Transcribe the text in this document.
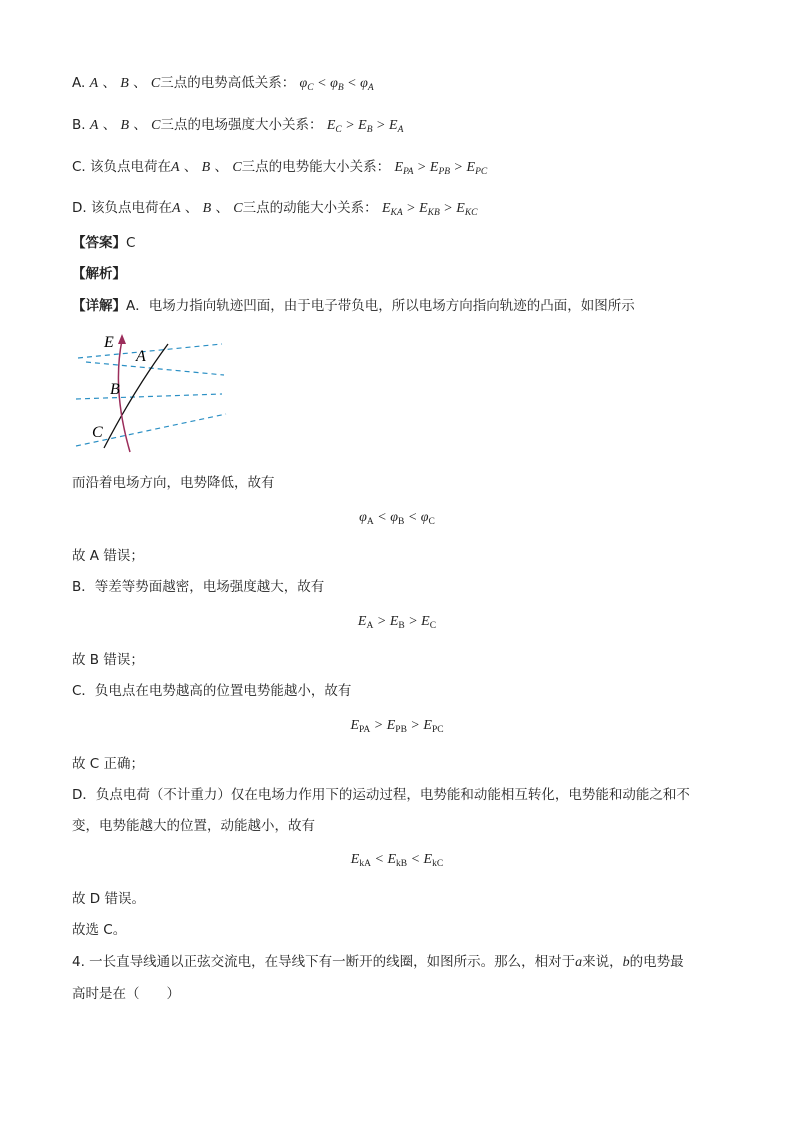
A. A 、 B 、 C三点的电势高低关系： $\varphi_C < \varphi_B < \varphi_A$
B. A 、 B 、 C三点的电场强度大小关系： $E_C > E_B > E_A$
C. 该负点电荷在A 、 B 、 C三点的电势能大小关系： $E_{PA} > E_{PB} > E_{PC}$
D. 该负点电荷在A 、 B 、 C三点的动能大小关系： $E_{KA} > E_{KB} > E_{KC}$
【答案】C
【解析】
【详解】A．电场力指向轨迹凹面，由于电子带负电，所以电场方向指向轨迹的凸面，如图所示
E
A
B
C
而沿着电场方向，电势降低，故有
$\varphi_A < \varphi_B < \varphi_C$
故 A 错误；
B．等差等势面越密，电场强度越大，故有
$E_A > E_B > E_C$
故 B 错误；
C．负电点在电势越高的位置电势能越小，故有
$E_{PA} > E_{PB} > E_{PC}$
故 C 正确；
D．负点电荷（不计重力）仅在电场力作用下的运动过程，电势能和动能相互转化，电势能和动能之和不
变，电势能越大的位置，动能越小，故有
$E_{kA} < E_{kB} < E_{kC}$
故 D 错误。
故选 C。
4. 一长直导线通以正弦交流电，在导线下有一断开的线圈，如图所示。那么，相对于a来说，b的电势最
高时是在（　　）
